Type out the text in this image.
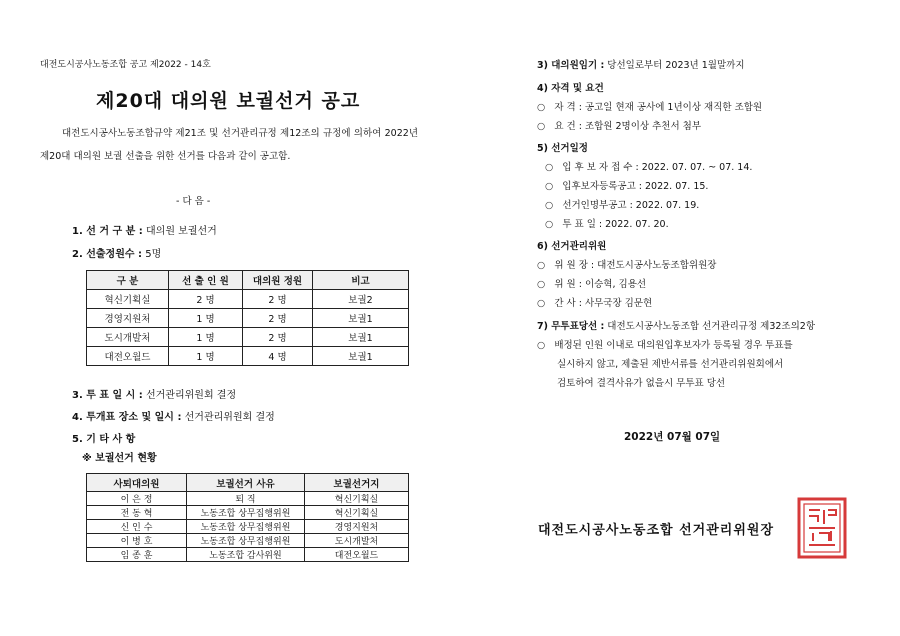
대전도시공사노동조합 공고 제2022 - 14호
제20대 대의원 보궐선거 공고

대전도시공사노동조합규약 제21조 및 선거관리규정 제12조의 규정에 의하여 2022년 제20대 대의원 보궐 선출을 위한 선거를 다음과 같이 공고함.

- 다 음 -
1. 선 거 구 분 : 대의원 보궐선거
2. 선출정원수 : 5명
구 분	선 출 인 원	대의원 정원	비고
혁신기획실	2 명	2 명	보궐2
경영지원처	1 명	2 명	보궐1
도시개발처	1 명	2 명	보궐1
대전오월드	1 명	4 명	보궐1
3. 투 표 일 시 : 선거관리위원회 결정
4. 투개표 장소 및 일시 : 선거관리위원회 결정
5. 기 타 사 항
※ 보궐선거 현황
사퇴대의원	보궐선거 사유	보궐선거지
이 은 정	퇴 직	혁신기획실
전 동 혁	노동조합 상무집행위원	혁신기획실
신 인 수	노동조합 상무집행위원	경영지원처
이 병 호	노동조합 상무집행위원	도시개발처
임 종 훈	노동조합 감사위원	대전오월드
3) 대의원임기 : 당선일로부터 2023년 1월말까지
4) 자격 및 요건
○ 자 격 : 공고일 현재 공사에 1년이상 재직한 조합원
○ 요 건 : 조합원 2명이상 추천서 첨부
5) 선거일정
○ 입 후 보 자 접 수 : 2022. 07. 07. ~ 07. 14.
○ 입후보자등록공고 : 2022. 07. 15.
○ 선거인명부공고 : 2022. 07. 19.
○ 투 표 일 : 2022. 07. 20.
6) 선거관리위원
○ 위 원 장 : 대전도시공사노동조합위원장
○ 위 원 : 이승혁, 김용선
○ 간 사 : 사무국장 김문현
7) 무투표당선 : 대전도시공사노동조합 선거관리규정 제32조의2항
○ 배정된 인원 이내로 대의원입후보자가 등록될 경우 투표를
실시하지 않고, 제출된 제반서류를 선거관리위원회에서
검토하여 결격사유가 없을시 무투표 당선
2022년 07월 07일
대전도시공사노동조합 선거관리위원장
